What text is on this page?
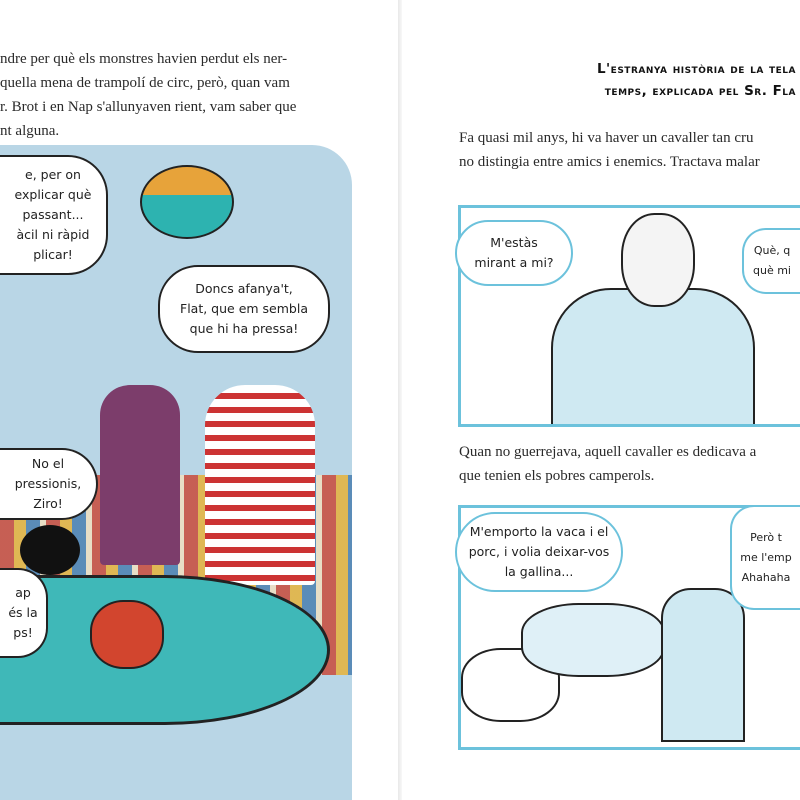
ndre per què els monstres havien perdut els ner-
quella mena de trampolí de circ, però, quan vam
r. Brot i en Nap s'allunyaven rient, vam saber que
nt alguna.
e, per on
explicar què
passant...
àcil ni ràpid
plicar!
Doncs afanya't,
Flat, que em sembla
que hi ha pressa!
No el
pressionis,
Ziro!
ap
és la
ps!
L'estranya història de la tela
temps, explicada pel Sr. Fla
Fa quasi mil anys, hi va haver un cavaller tan cru
no distingia entre amics i enemics. Tractava malar
M'estàs
mirant a mi?
Què, q
què mi
Quan no guerrejava, aquell cavaller es dedicava a
que tenien els pobres camperols.
M'emporto la vaca i el
porc, i volia deixar-vos
la gallina...
Però t
me l'emp
Ahahaha
